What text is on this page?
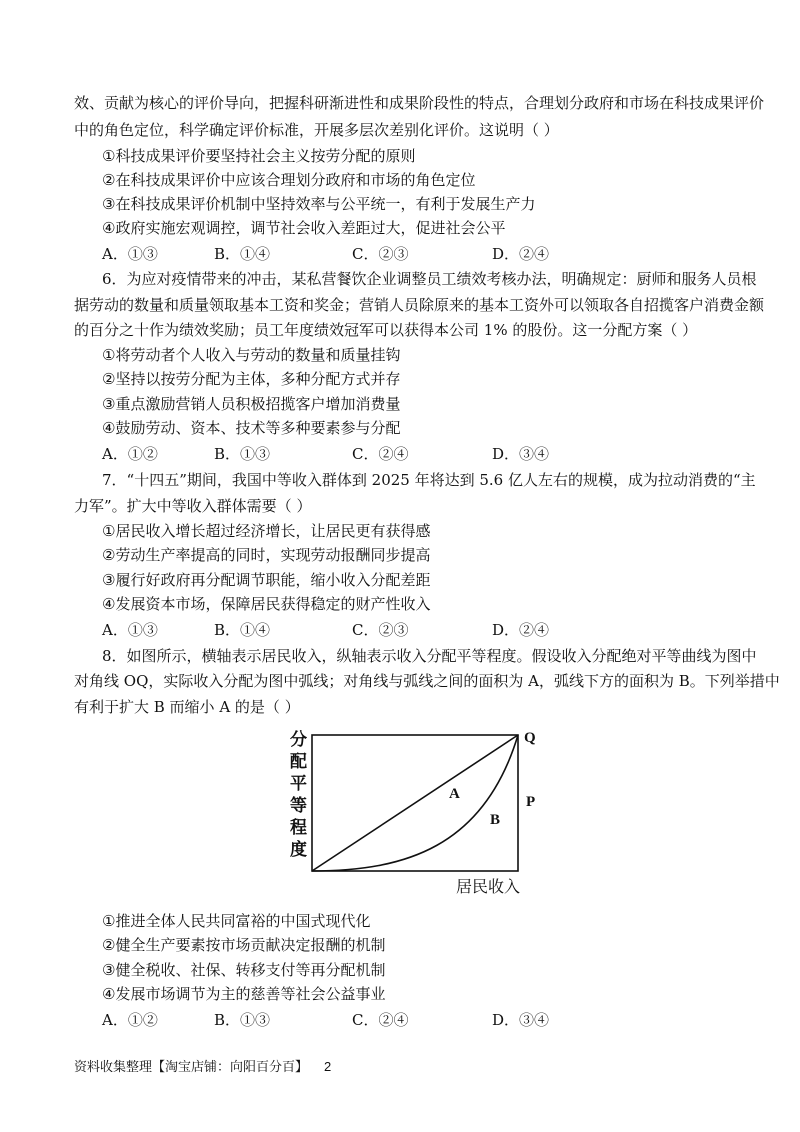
效、贡献为核心的评价导向，把握科研渐进性和成果阶段性的特点，合理划分政府和市场在科技成果评价
中的角色定位，科学确定评价标准，开展多层次差别化评价。这说明（ ）
①科技成果评价要坚持社会主义按劳分配的原则
②在科技成果评价中应该合理划分政府和市场的角色定位
③在科技成果评价机制中坚持效率与公平统一，有利于发展生产力
④政府实施宏观调控，调节社会收入差距过大，促进社会公平
A．①③	B．①④	C．②③	D．②④
6．为应对疫情带来的冲击，某私营餐饮企业调整员工绩效考核办法，明确规定：厨师和服务人员根
据劳动的数量和质量领取基本工资和奖金；营销人员除原来的基本工资外可以领取各自招揽客户消费金额
的百分之十作为绩效奖励；员工年度绩效冠军可以获得本公司 1% 的股份。这一分配方案（ ）
①将劳动者个人收入与劳动的数量和质量挂钩
②坚持以按劳分配为主体，多种分配方式并存
③重点激励营销人员积极招揽客户增加消费量
④鼓励劳动、资本、技术等多种要素参与分配
A．①②	B．①③	C．②④	D．③④
7．“十四五”期间，我国中等收入群体到 2025 年将达到 5.6 亿人左右的规模，成为拉动消费的“主
力军”。扩大中等收入群体需要（ ）
①居民收入增长超过经济增长，让居民更有获得感
②劳动生产率提高的同时，实现劳动报酬同步提高
③履行好政府再分配调节职能，缩小收入分配差距
④发展资本市场，保障居民获得稳定的财产性收入
A．①③	B．①④	C．②③	D．②④
8．如图所示，横轴表示居民收入，纵轴表示收入分配平等程度。假设收入分配绝对平等曲线为图中
对角线 OQ，实际收入分配为图中弧线；对角线与弧线之间的面积为 A，弧线下方的面积为 B。下列举措中
有利于扩大 B 而缩小 A 的是（ ）
分
配
平
等
程
度
Q
P
A
B
居民收入
①推进全体人民共同富裕的中国式现代化
②健全生产要素按市场贡献决定报酬的机制
③健全税收、社保、转移支付等再分配机制
④发展市场调节为主的慈善等社会公益事业
A．①②	B．①③	C．②④	D．③④
资料收集整理【淘宝店铺：向阳百分百】 2
